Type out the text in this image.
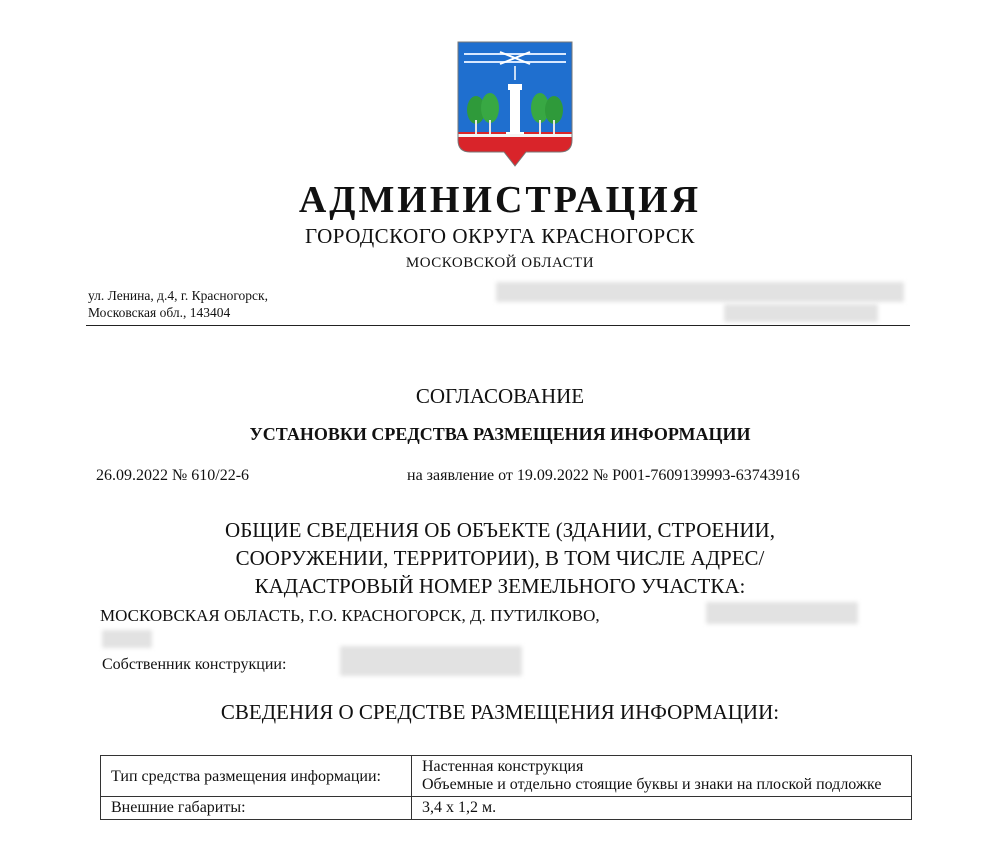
АДМИНИСТРАЦИЯ
ГОРОДСКОГО ОКРУГА КРАСНОГОРСК
МОСКОВСКОЙ ОБЛАСТИ
ул. Ленина, д.4, г. Красногорск,
Московская обл., 143404
СОГЛАСОВАНИЕ
УСТАНОВКИ СРЕДСТВА РАЗМЕЩЕНИЯ ИНФОРМАЦИИ
26.09.2022 № 610/22-6	на заявление от 19.09.2022 № Р001-7609139993-63743916
ОБЩИЕ СВЕДЕНИЯ ОБ ОБЪЕКТЕ (ЗДАНИИ, СТРОЕНИИ,
СООРУЖЕНИИ, ТЕРРИТОРИИ), В ТОМ ЧИСЛЕ АДРЕС/
КАДАСТРОВЫЙ НОМЕР ЗЕМЕЛЬНОГО УЧАСТКА:
МОСКОВСКАЯ ОБЛАСТЬ, Г.О. КРАСНОГОРСК, Д. ПУТИЛКОВО,
Собственник конструкции:
СВЕДЕНИЯ О СРЕДСТВЕ РАЗМЕЩЕНИЯ ИНФОРМАЦИИ:
Тип средства размещения информации:	Настенная конструкция
Объемные и отдельно стоящие буквы и знаки на плоской подложке

Внешние габариты:	3,4 х 1,2 м.
